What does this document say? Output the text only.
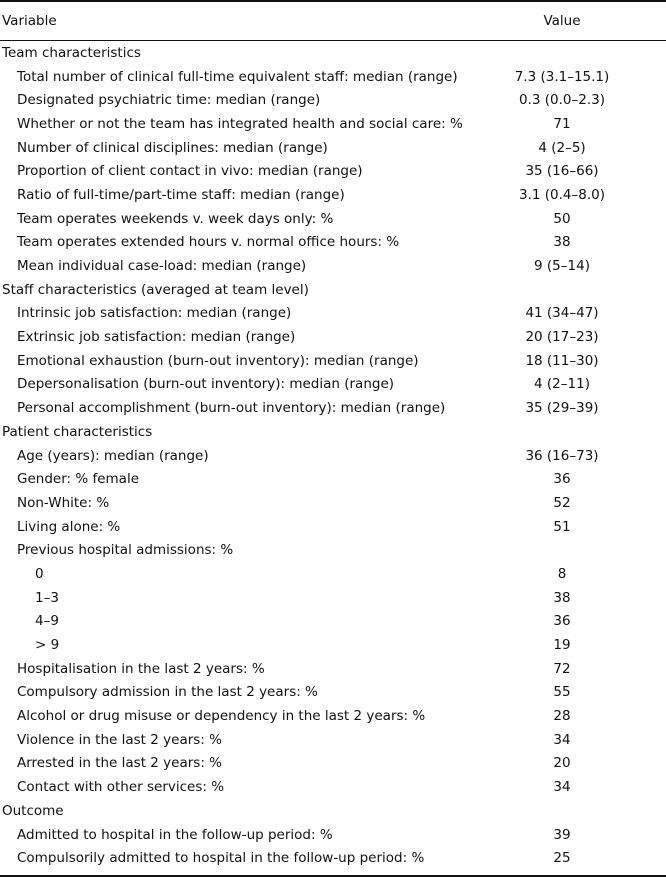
Variable	Value
Team characteristics
Total number of clinical full-time equivalent staff: median (range)	7.3 (3.1–15.1)
Designated psychiatric time: median (range)	0.3 (0.0–2.3)
Whether or not the team has integrated health and social care: %	71
Number of clinical disciplines: median (range)	4 (2–5)
Proportion of client contact in vivo: median (range)	35 (16–66)
Ratio of full-time/part-time staff: median (range)	3.1 (0.4–8.0)
Team operates weekends v. week days only: %	50
Team operates extended hours v. normal office hours: %	38
Mean individual case-load: median (range)	9 (5–14)
Staff characteristics (averaged at team level)
Intrinsic job satisfaction: median (range)	41 (34–47)
Extrinsic job satisfaction: median (range)	20 (17–23)
Emotional exhaustion (burn-out inventory): median (range)	18 (11–30)
Depersonalisation (burn-out inventory): median (range)	4 (2–11)
Personal accomplishment (burn-out inventory): median (range)	35 (29–39)
Patient characteristics
Age (years): median (range)	36 (16–73)
Gender: % female	36
Non-White: %	52
Living alone: %	51
Previous hospital admissions: %
0	8
1–3	38
4–9	36
> 9	19
Hospitalisation in the last 2 years: %	72
Compulsory admission in the last 2 years: %	55
Alcohol or drug misuse or dependency in the last 2 years: %	28
Violence in the last 2 years: %	34
Arrested in the last 2 years: %	20
Contact with other services: %	34
Outcome
Admitted to hospital in the follow-up period: %	39
Compulsorily admitted to hospital in the follow-up period: %	25
